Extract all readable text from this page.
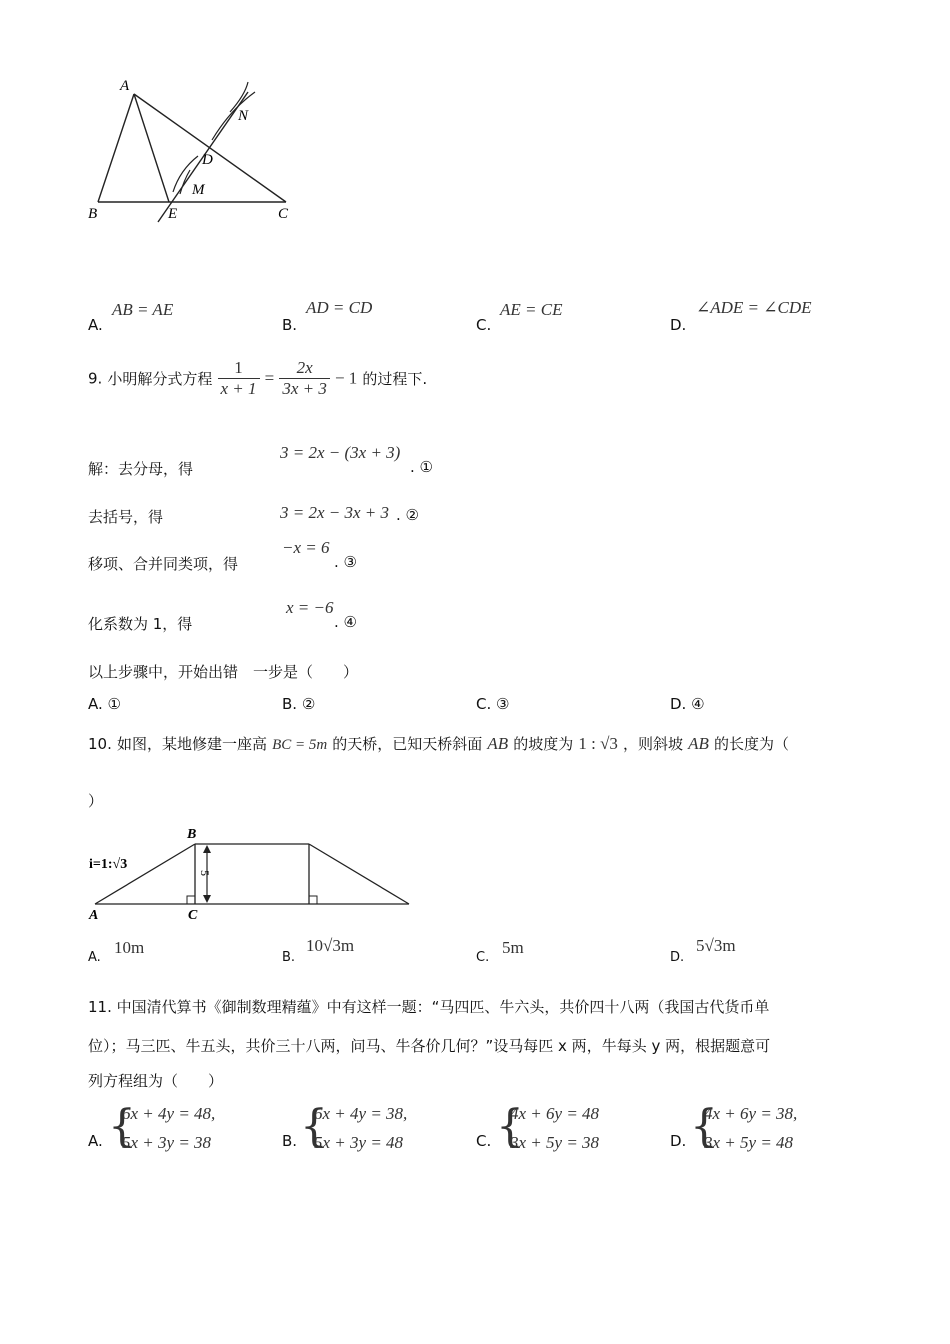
A
B	E	C
D
M
N
A.
AB = AE
B.
AD = CD
C.
AE = CE
D.
∠ADE = ∠CDE
9. 小明解分式方程 $\frac{1}{x + 1} = \frac{2x}{3x + 3} - 1$ 的过程下.
解：去分母，得
3 = 2x − (3x + 3)
. ①
去括号，得	3 = 2x − 3x + 3 . ②
移项、合并同类项，得
−x = 6
. ③
化系数为 1，得
x = −6
. ④
以上步骤中，开始出错　一步是（　　）
A. ①	B. ②	C. ③	D. ④
10. 如图，某地修建一座高 BC = 5m 的天桥，已知天桥斜面 AB 的坡度为 1 : √3 ，则斜坡 AB 的长度为（
）
5
i=1:√3
B
A	C
A.
10m
B.
10√3m
C.
5m
D.
5√3m
11. 中国清代算书《御制数理精蕴》中有这样一题：“马四匹、牛六头，共价四十八两（我国古代货币单
位）；马三匹、牛五头，共价三十八两，问马、牛各价几何？”设马每匹 x 两，牛每头 y 两，根据题意可
列方程组为（　　）
A. {
6x + 4y = 48,
5x + 3y = 38	B. {
6x + 4y = 38,
5x + 3y = 48	C. {
4x + 6y = 48
3x + 5y = 38	D. {
4x + 6y = 38,
3x + 5y = 48
